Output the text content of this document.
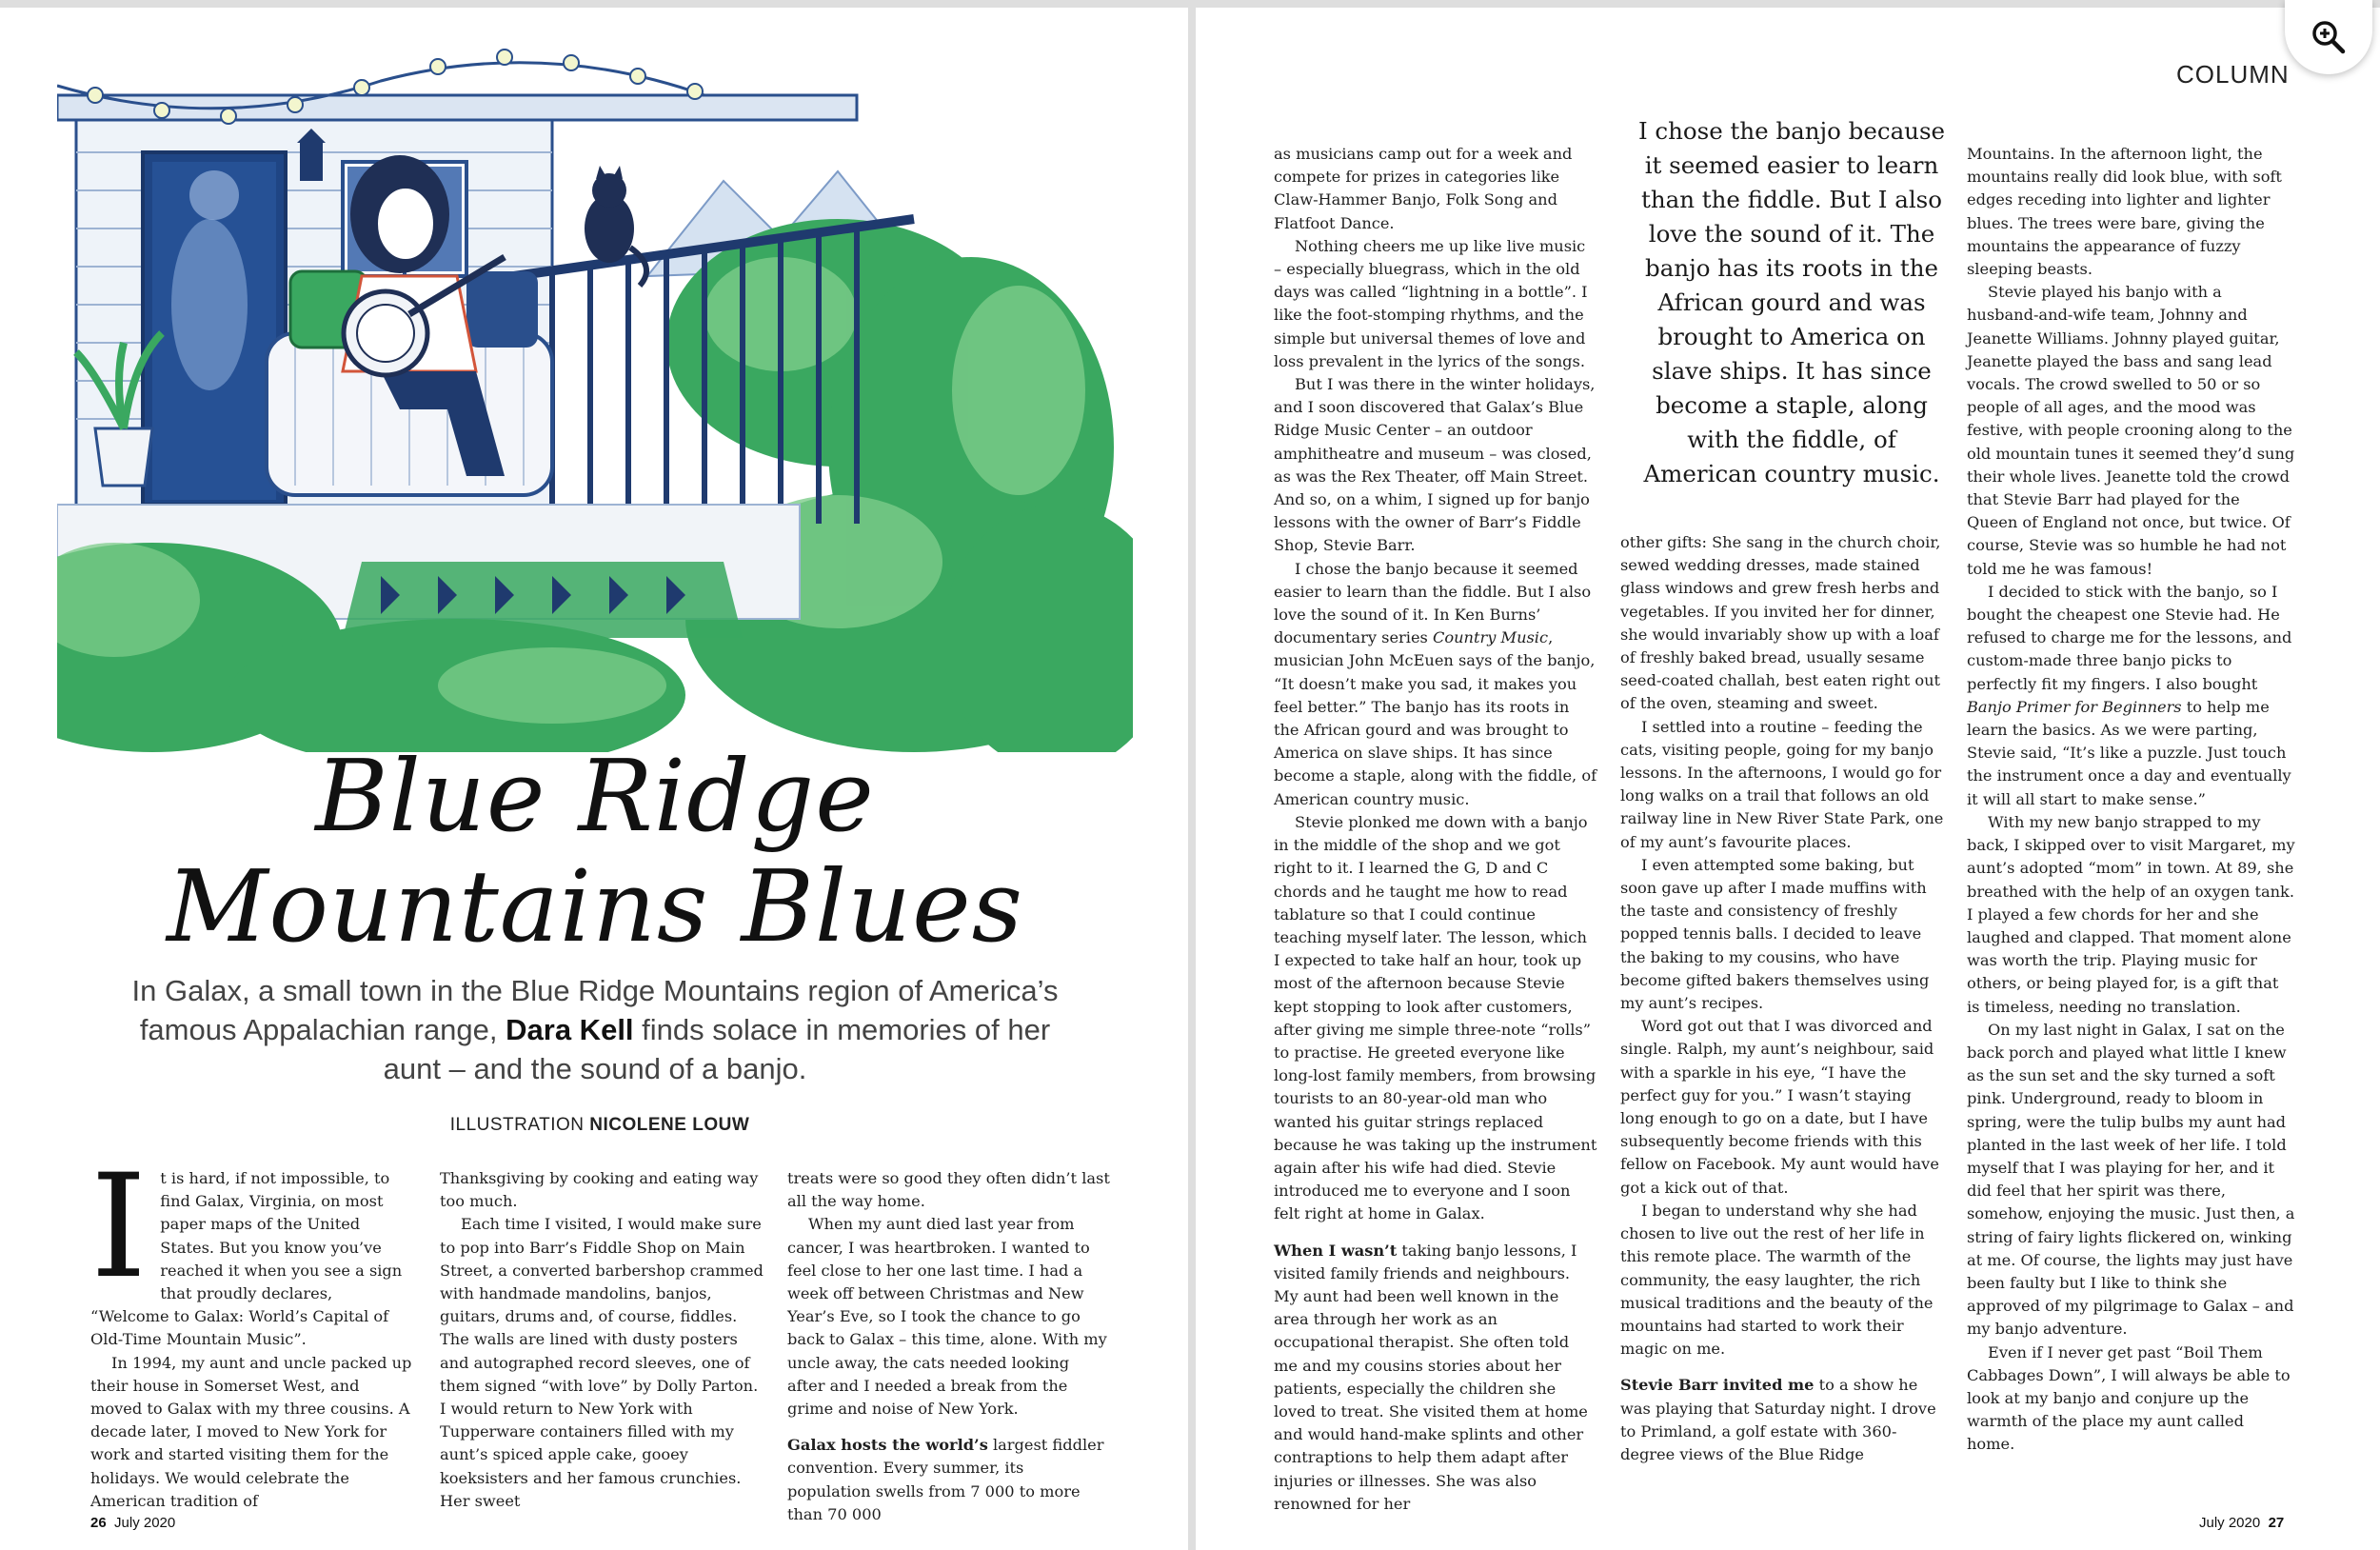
Blue Ridge
Mountains Blues
In Galax, a small town in the Blue Ridge Mountains region of America’s famous Appalachian range, Dara Kell finds solace in memories of her aunt – and the sound of a banjo.
ILLUSTRATION NICOLENE LOUW

It is hard, if not impossible, to find Galax, Virginia, on most paper maps of the United States. But you know you’ve reached it when you see a sign that proudly declares, “Welcome to Galax: World’s Capital of Old-Time Mountain Music”.

In 1994, my aunt and uncle packed up their house in Somerset West, and moved to Galax with my three cousins. A decade later, I moved to New York for work and started visiting them for the holidays. We would celebrate the American tradition of

Thanksgiving by cooking and eating way too much.

Each time I visited, I would make sure to pop into Barr’s Fiddle Shop on Main Street, a converted barbershop crammed with handmade mandolins, banjos, guitars, drums and, of course, fiddles. The walls are lined with dusty posters and autographed record sleeves, one of them signed “with love” by Dolly Parton. I would return to New York with Tupperware containers filled with my aunt’s spiced apple cake, gooey koeksisters and her famous crunchies. Her sweet

treats were so good they often didn’t last all the way home.

When my aunt died last year from cancer, I was heartbroken. I wanted to feel close to her one last time. I had a week off between Christmas and New Year’s Eve, so I took the chance to go back to Galax – this time, alone. With my uncle away, the cats needed looking after and I needed a break from the grime and noise of New York.

Galax hosts the world’s largest fiddler convention. Every summer, its population swells from 7 000 to more than 70 000

26 July 2020
COLUMN

as musicians camp out for a week and compete for prizes in categories like Claw-Hammer Banjo, Folk Song and Flatfoot Dance.

Nothing cheers me up like live music – especially bluegrass, which in the old days was called “lightning in a bottle”. I like the foot-stomping rhythms, and the simple but universal themes of love and loss prevalent in the lyrics of the songs.

But I was there in the winter holidays, and I soon discovered that Galax’s Blue Ridge Music Center – an outdoor amphitheatre and museum – was closed, as was the Rex Theater, off Main Street. And so, on a whim, I signed up for banjo lessons with the owner of Barr’s Fiddle Shop, Stevie Barr.

I chose the banjo because it seemed easier to learn than the fiddle. But I also love the sound of it. In Ken Burns’ documentary series Country Music, musician John McEuen says of the banjo, “It doesn’t make you sad, it makes you feel better.” The banjo has its roots in the African gourd and was brought to America on slave ships. It has since become a staple, along with the fiddle, of American country music.

Stevie plonked me down with a banjo in the middle of the shop and we got right to it. I learned the G, D and C chords and he taught me how to read tablature so that I could continue teaching myself later. The lesson, which I expected to take half an hour, took up most of the afternoon because Stevie kept stopping to look after customers, after giving me simple three-note “rolls” to practise. He greeted everyone like long-lost family members, from browsing tourists to an 80-year-old man who wanted his guitar strings replaced because he was taking up the instrument again after his wife had died. Stevie introduced me to everyone and I soon felt right at home in Galax.

When I wasn’t taking banjo lessons, I visited family friends and neighbours. My aunt had been well known in the area through her work as an occupational therapist. She often told me and my cousins stories about her patients, especially the children she loved to treat. She visited them at home and would hand-make splints and other contraptions to help them adapt after injuries or illnesses. She was also renowned for her

I chose the banjo because it seemed easier to learn than the fiddle. But I also love the sound of it. The banjo has its roots in the African gourd and was brought to America on slave ships. It has since become a staple, along with the fiddle, of American country music.

other gifts: She sang in the church choir, sewed wedding dresses, made stained glass windows and grew fresh herbs and vegetables. If you invited her for dinner, she would invariably show up with a loaf of freshly baked bread, usually sesame seed-coated challah, best eaten right out of the oven, steaming and sweet.

I settled into a routine – feeding the cats, visiting people, going for my banjo lessons. In the afternoons, I would go for long walks on a trail that follows an old railway line in New River State Park, one of my aunt’s favourite places.

I even attempted some baking, but soon gave up after I made muffins with the taste and consistency of freshly popped tennis balls. I decided to leave the baking to my cousins, who have become gifted bakers themselves using my aunt’s recipes.

Word got out that I was divorced and single. Ralph, my aunt’s neighbour, said with a sparkle in his eye, “I have the perfect guy for you.” I wasn’t staying long enough to go on a date, but I have subsequently become friends with this fellow on Facebook. My aunt would have got a kick out of that.

I began to understand why she had chosen to live out the rest of her life in this remote place. The warmth of the community, the easy laughter, the rich musical traditions and the beauty of the mountains had started to work their magic on me.

Stevie Barr invited me to a show he was playing that Saturday night. I drove to Primland, a golf estate with 360-degree views of the Blue Ridge

Mountains. In the afternoon light, the mountains really did look blue, with soft edges receding into lighter and lighter blues. The trees were bare, giving the mountains the appearance of fuzzy sleeping beasts.

Stevie played his banjo with a husband-and-wife team, Johnny and Jeanette Williams. Johnny played guitar, Jeanette played the bass and sang lead vocals. The crowd swelled to 50 or so people of all ages, and the mood was festive, with people crooning along to the old mountain tunes it seemed they’d sung their whole lives. Jeanette told the crowd that Stevie Barr had played for the Queen of England not once, but twice. Of course, Stevie was so humble he had not told me he was famous!

I decided to stick with the banjo, so I bought the cheapest one Stevie had. He refused to charge me for the lessons, and custom-made three banjo picks to perfectly fit my fingers. I also bought Banjo Primer for Beginners to help me learn the basics. As we were parting, Stevie said, “It’s like a puzzle. Just touch the instrument once a day and eventually it will all start to make sense.”

With my new banjo strapped to my back, I skipped over to visit Margaret, my aunt’s adopted “mom” in town. At 89, she breathed with the help of an oxygen tank. I played a few chords for her and she laughed and clapped. That moment alone was worth the trip. Playing music for others, or being played for, is a gift that is timeless, needing no translation.

On my last night in Galax, I sat on the back porch and played what little I knew as the sun set and the sky turned a soft pink. Underground, ready to bloom in spring, were the tulip bulbs my aunt had planted in the last week of her life. I told myself that I was playing for her, and it did feel that her spirit was there, somehow, enjoying the music. Just then, a string of fairy lights flickered on, winking at me. Of course, the lights may just have been faulty but I like to think she approved of my pilgrimage to Galax – and my banjo adventure.

Even if I never get past “Boil Them Cabbages Down”, I will always be able to look at my banjo and conjure up the warmth of the place my aunt called home.

July 2020 27
